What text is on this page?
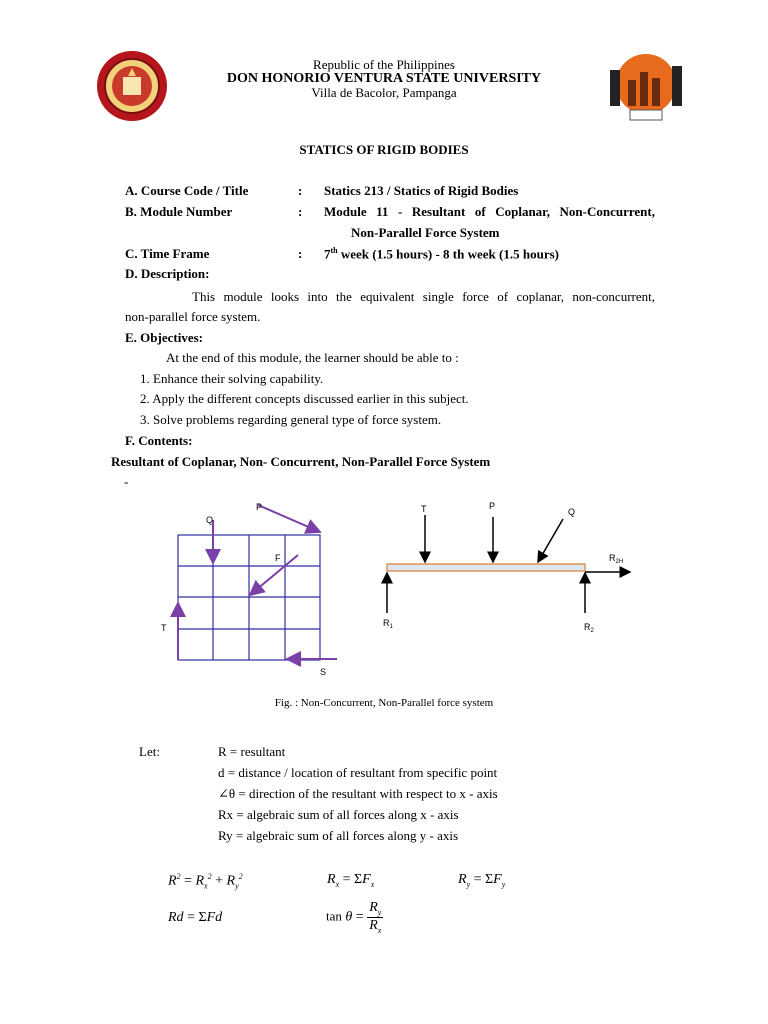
Republic of the Philippines
DON HONORIO VENTURA STATE UNIVERSITY
Villa de Bacolor, Pampanga
STATICS OF RIGID BODIES
A. Course Code / Title	: Statics 213 / Statics of Rigid Bodies
B. Module Number	: Module 11 - Resultant of Coplanar, Non-Concurrent,
Non-Parallel Force System
C. Time Frame	: 7th week (1.5 hours) - 8 th week (1.5 hours)
D. Description:
This module looks into the equivalent single force of coplanar, non-concurrent,
non-parallel force system.
E. Objectives:
At the end of this module, the learner should be able to :
1. Enhance their solving capability.
2. Apply the different concepts discussed earlier in this subject.
3. Solve problems regarding general type of force system.
F. Contents:
Resultant of Coplanar, Non- Concurrent, Non-Parallel Force System
-
P
Q
F
T
S
T	P
Q
$R_{2H}$
$R_1$	$R_2$
Fig. : Non-Concurrent, Non-Parallel force system
Let:	R = resultant
d = distance / location of resultant from specific point
∠θ = direction of the resultant with respect to x - axis
Rx = algebraic sum of all forces along x - axis
Ry = algebraic sum of all forces along y - axis
$R^2 = R_x^2 + R_y^2$	$R_x = \Sigma F_x$	$R_y = \Sigma F_y$
Rd = ΣFd	$\tan \theta = \frac{R_y}{R_x}$
